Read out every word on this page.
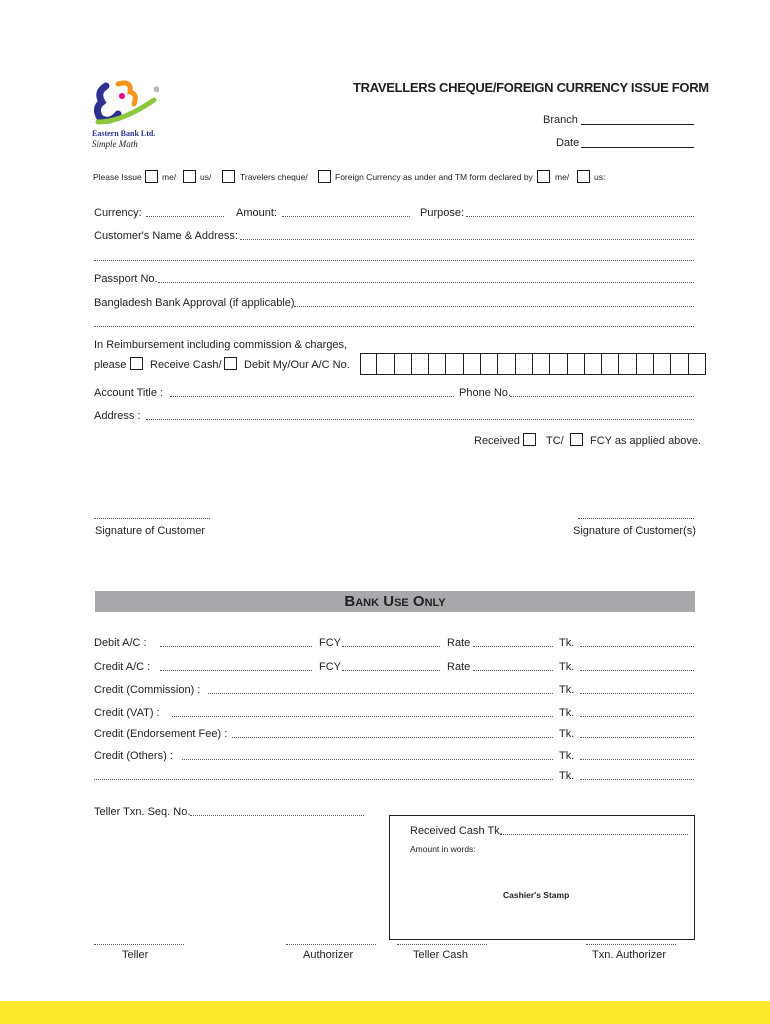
®
Eastern Bank Ltd.
Simple Math
TRAVELLERS CHEQUE/FOREIGN CURRENCY ISSUE FORM
Branch
Date
Please Issue me/	us/	Travelers cheque/	Foreign Currency as under and TM form declared by	me/	us:
Currency:	Amount:	Purpose:
Customer's Name & Address:
Passport No.
Bangladesh Bank Approval (if applicable)
In Reimbursement including commission & charges,
please Receive Cash/ Debit My/Our A/C No.
Account Title :	Phone No.
Address :
Received TC/ FCY as applied above.
Signature of Customer	Signature of Customer(s)
Bank Use Only
Debit A/C :	FCY	Rate	Tk.
Credit A/C :	FCY	Rate	Tk.
Credit (Commission) :	Tk.
Credit (VAT) :	Tk.
Credit (Endorsement Fee) :	Tk.
Credit (Others) :	Tk.
Tk.
Teller Txn. Seq. No.
Received Cash Tk.
Amount in words:
Cashier's Stamp
Teller	Authorizer	Teller Cash	Txn. Authorizer
